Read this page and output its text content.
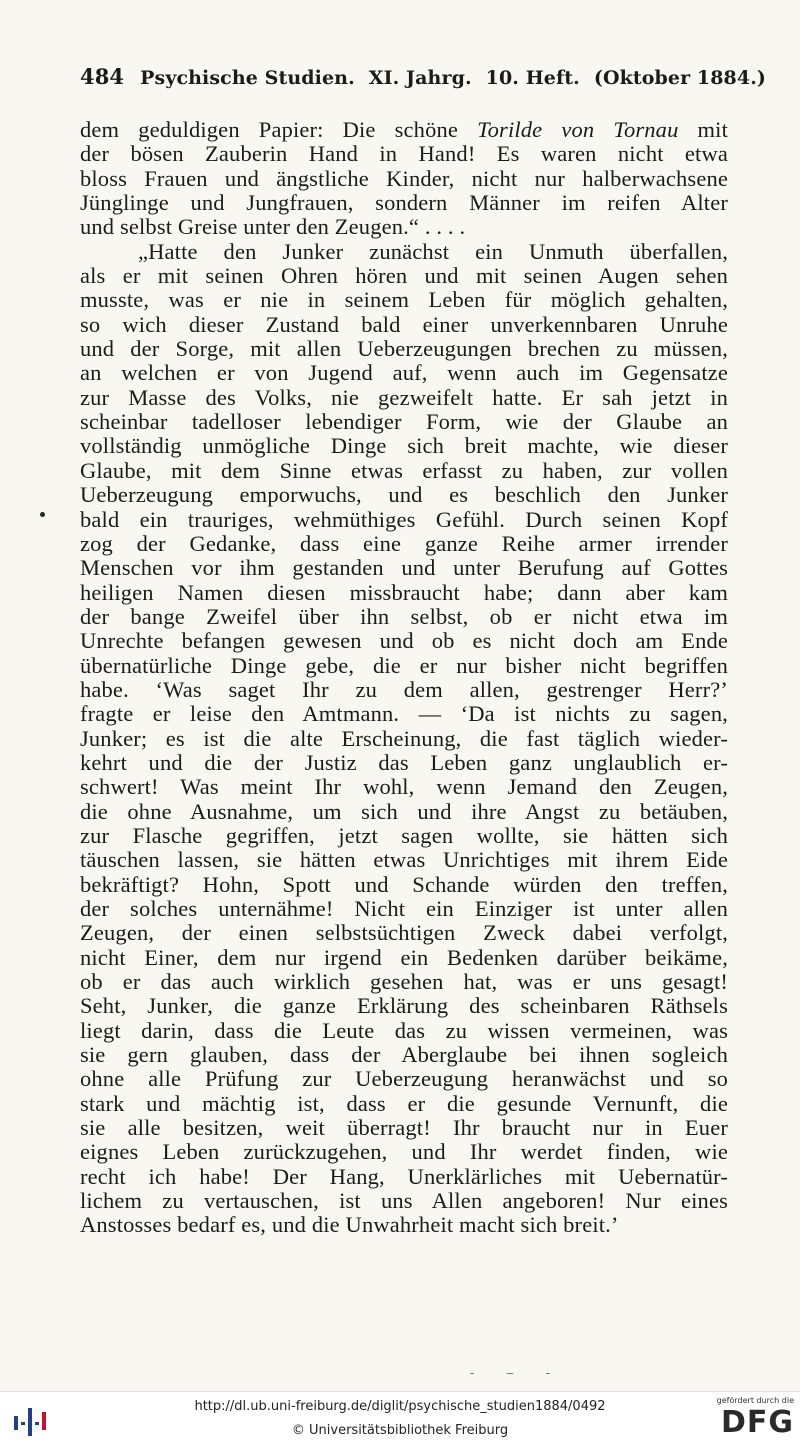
484 Psychische Studien. XI. Jahrg. 10. Heft. (Oktober 1884.)
dem geduldigen Papier: Die schöne Torilde von Tornau mit
der bösen Zauberin Hand in Hand! Es waren nicht etwa
bloss Frauen und ängstliche Kinder, nicht nur halberwachsene
Jünglinge und Jungfrauen, sondern Männer im reifen Alter
und selbst Greise unter den Zeugen.“ . . . .
„Hatte den Junker zunächst ein Unmuth überfallen,
als er mit seinen Ohren hören und mit seinen Augen sehen
musste, was er nie in seinem Leben für möglich gehalten,
so wich dieser Zustand bald einer unverkennbaren Unruhe
und der Sorge, mit allen Ueberzeugungen brechen zu müssen,
an welchen er von Jugend auf, wenn auch im Gegensatze
zur Masse des Volks, nie gezweifelt hatte. Er sah jetzt in
scheinbar tadelloser lebendiger Form, wie der Glaube an
vollständig unmögliche Dinge sich breit machte, wie dieser
Glaube, mit dem Sinne etwas erfasst zu haben, zur vollen
Ueberzeugung emporwuchs, und es beschlich den Junker
bald ein trauriges, wehmüthiges Gefühl. Durch seinen Kopf
zog der Gedanke, dass eine ganze Reihe armer irrender
Menschen vor ihm gestanden und unter Berufung auf Gottes
heiligen Namen diesen missbraucht habe; dann aber kam
der bange Zweifel über ihn selbst, ob er nicht etwa im
Unrechte befangen gewesen und ob es nicht doch am Ende
übernatürliche Dinge gebe, die er nur bisher nicht begriffen
habe. ‘Was saget Ihr zu dem allen, gestrenger Herr?’
fragte er leise den Amtmann. — ‘Da ist nichts zu sagen,
Junker; es ist die alte Erscheinung, die fast täglich wieder-
kehrt und die der Justiz das Leben ganz unglaublich er-
schwert! Was meint Ihr wohl, wenn Jemand den Zeugen,
die ohne Ausnahme, um sich und ihre Angst zu betäuben,
zur Flasche gegriffen, jetzt sagen wollte, sie hätten sich
täuschen lassen, sie hätten etwas Unrichtiges mit ihrem Eide
bekräftigt? Hohn, Spott und Schande würden den treffen,
der solches unternähme! Nicht ein Einziger ist unter allen
Zeugen, der einen selbstsüchtigen Zweck dabei verfolgt,
nicht Einer, dem nur irgend ein Bedenken darüber beikäme,
ob er das auch wirklich gesehen hat, was er uns gesagt!
Seht, Junker, die ganze Erklärung des scheinbaren Räthsels
liegt darin, dass die Leute das zu wissen vermeinen, was
sie gern glauben, dass der Aberglaube bei ihnen sogleich
ohne alle Prüfung zur Ueberzeugung heranwächst und so
stark und mächtig ist, dass er die gesunde Vernunft, die
sie alle besitzen, weit überragt! Ihr braucht nur in Euer
eignes Leben zurückzugehen, und Ihr werdet finden, wie
recht ich habe! Der Hang, Unerklärliches mit Uebernatür-
lichem zu vertauschen, ist uns Allen angeboren! Nur eines
Anstosses bedarf es, und die Unwahrheit macht sich breit.’
- ‒ -
http://dl.ub.uni-freiburg.de/diglit/psychische_studien1884/0492
© Universitätsbibliothek Freiburg
gefördert durch die
DFG
